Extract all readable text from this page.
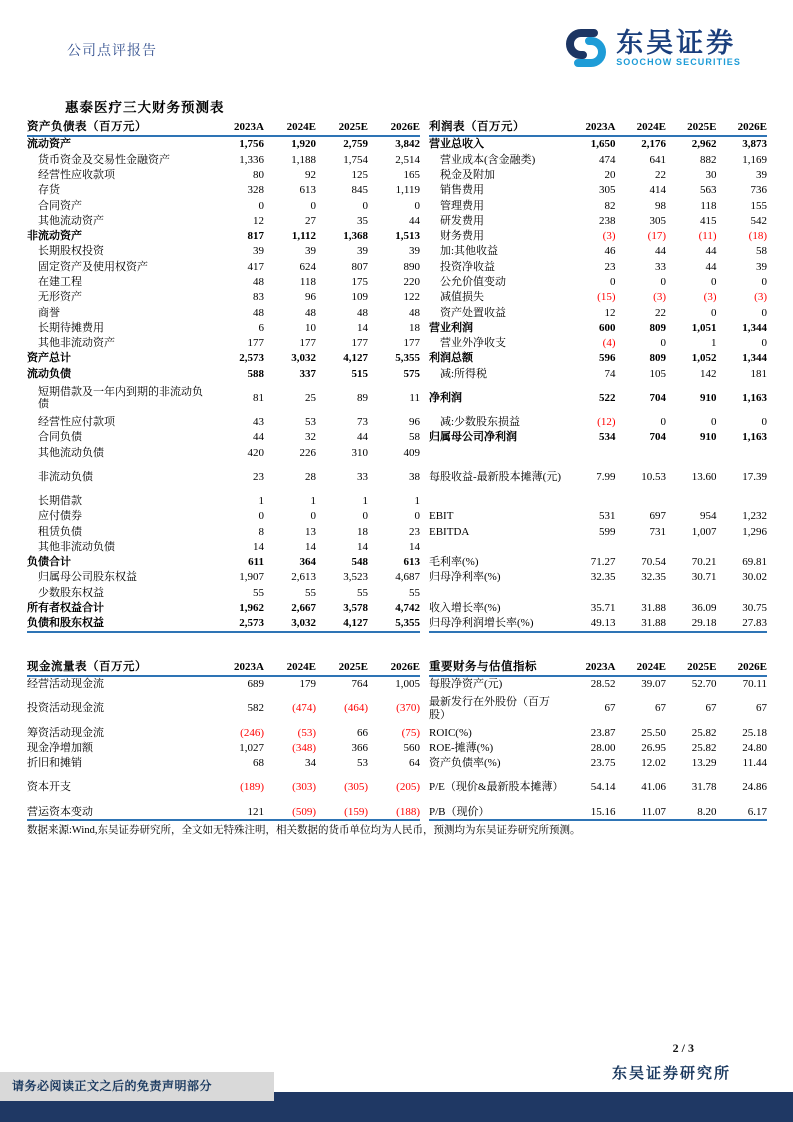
公司点评报告	东吴证券
SOOCHOW SECURITIES
惠泰医疗三大财务预测表
资产负债表（百万元）	2023A	2024E	2025E	2026E
流动资产	1,756	1,920	2,759	3,842
货币资金及交易性金融资产	1,336	1,188	1,754	2,514
经营性应收款项	80	92	125	165
存货	328	613	845	1,119
合同资产	0	0	0	0
其他流动资产	12	27	35	44
非流动资产	817	1,112	1,368	1,513
长期股权投资	39	39	39	39
固定资产及使用权资产	417	624	807	890
在建工程	48	118	175	220
无形资产	83	96	109	122
商誉	48	48	48	48
长期待摊费用	6	10	14	18
其他非流动资产	177	177	177	177
资产总计	2,573	3,032	4,127	5,355
流动负债	588	337	515	575
短期借款及一年内到期的非流动负债
81	25	89	11
经营性应付款项	43	53	73	96
合同负债	44	32	44	58
其他流动负债	420	226	310	409
非流动负债	23	28	33	38
长期借款	1	1	1	1
应付债券	0	0	0	0
租赁负债	8	13	18	23
其他非流动负债	14	14	14	14
负债合计	611	364	548	613
归属母公司股东权益	1,907	2,613	3,523	4,687
少数股东权益	55	55	55	55
所有者权益合计	1,962	2,667	3,578	4,742
负债和股东权益	2,573	3,032	4,127	5,355
利润表（百万元）	2023A	2024E	2025E	2026E
营业总收入	1,650	2,176	2,962	3,873
营业成本(含金融类)	474	641	882	1,169
税金及附加	20	22	30	39
销售费用	305	414	563	736
管理费用	82	98	118	155
研发费用	238	305	415	542
财务费用	(3)	(17)	(11)	(18)
加:其他收益	46	44	44	58
投资净收益	23	33	44	39
公允价值变动	0	0	0	0
减值损失	(15)	(3)	(3)	(3)
资产处置收益	12	22	0	0
营业利润	600	809	1,051	1,344
营业外净收支	(4)	0	1	0
利润总额	596	809	1,052	1,344
减:所得税	74	105	142	181
净利润	522	704	910	1,163
减:少数股东损益	(12)	0	0	0
归属母公司净利润	534	704	910	1,163
每股收益-最新股本摊薄(元)	7.99	10.53	13.60	17.39
EBIT	531	697	954	1,232
EBITDA	599	731	1,007	1,296
毛利率(%)	71.27	70.54	70.21	69.81
归母净利率(%)	32.35	32.35	30.71	30.02
收入增长率(%)	35.71	31.88	36.09	30.75
归母净利润增长率(%)	49.13	31.88	29.18	27.83
现金流量表（百万元）	2023A	2024E	2025E	2026E
经营活动现金流	689	179	764	1,005
投资活动现金流	582	(474)	(464)	(370)
筹资活动现金流	(246)	(53)	66	(75)
现金净增加额	1,027	(348)	366	560
折旧和摊销	68	34	53	64
资本开支	(189)	(303)	(305)	(205)
营运资本变动	121	(509)	(159)	(188)
重要财务与估值指标	2023A	2024E	2025E	2026E
每股净资产(元)	28.52	39.07	52.70	70.11
最新发行在外股份（百万股）
67	67	67	67
ROIC(%)	23.87	25.50	25.82	25.18
ROE-摊薄(%)	28.00	26.95	25.82	24.80
资产负债率(%)	23.75	12.02	13.29	11.44
P/E（现价&最新股本摊薄）	54.14	41.06	31.78	24.86
P/B（现价）	15.16	11.07	8.20	6.17
数据来源:Wind,东吴证券研究所，全文如无特殊注明，相关数据的货币单位均为人民币，预测均为东吴证券研究所预测。
2 / 3
东吴证券研究所
请务必阅读正文之后的免责声明部分
